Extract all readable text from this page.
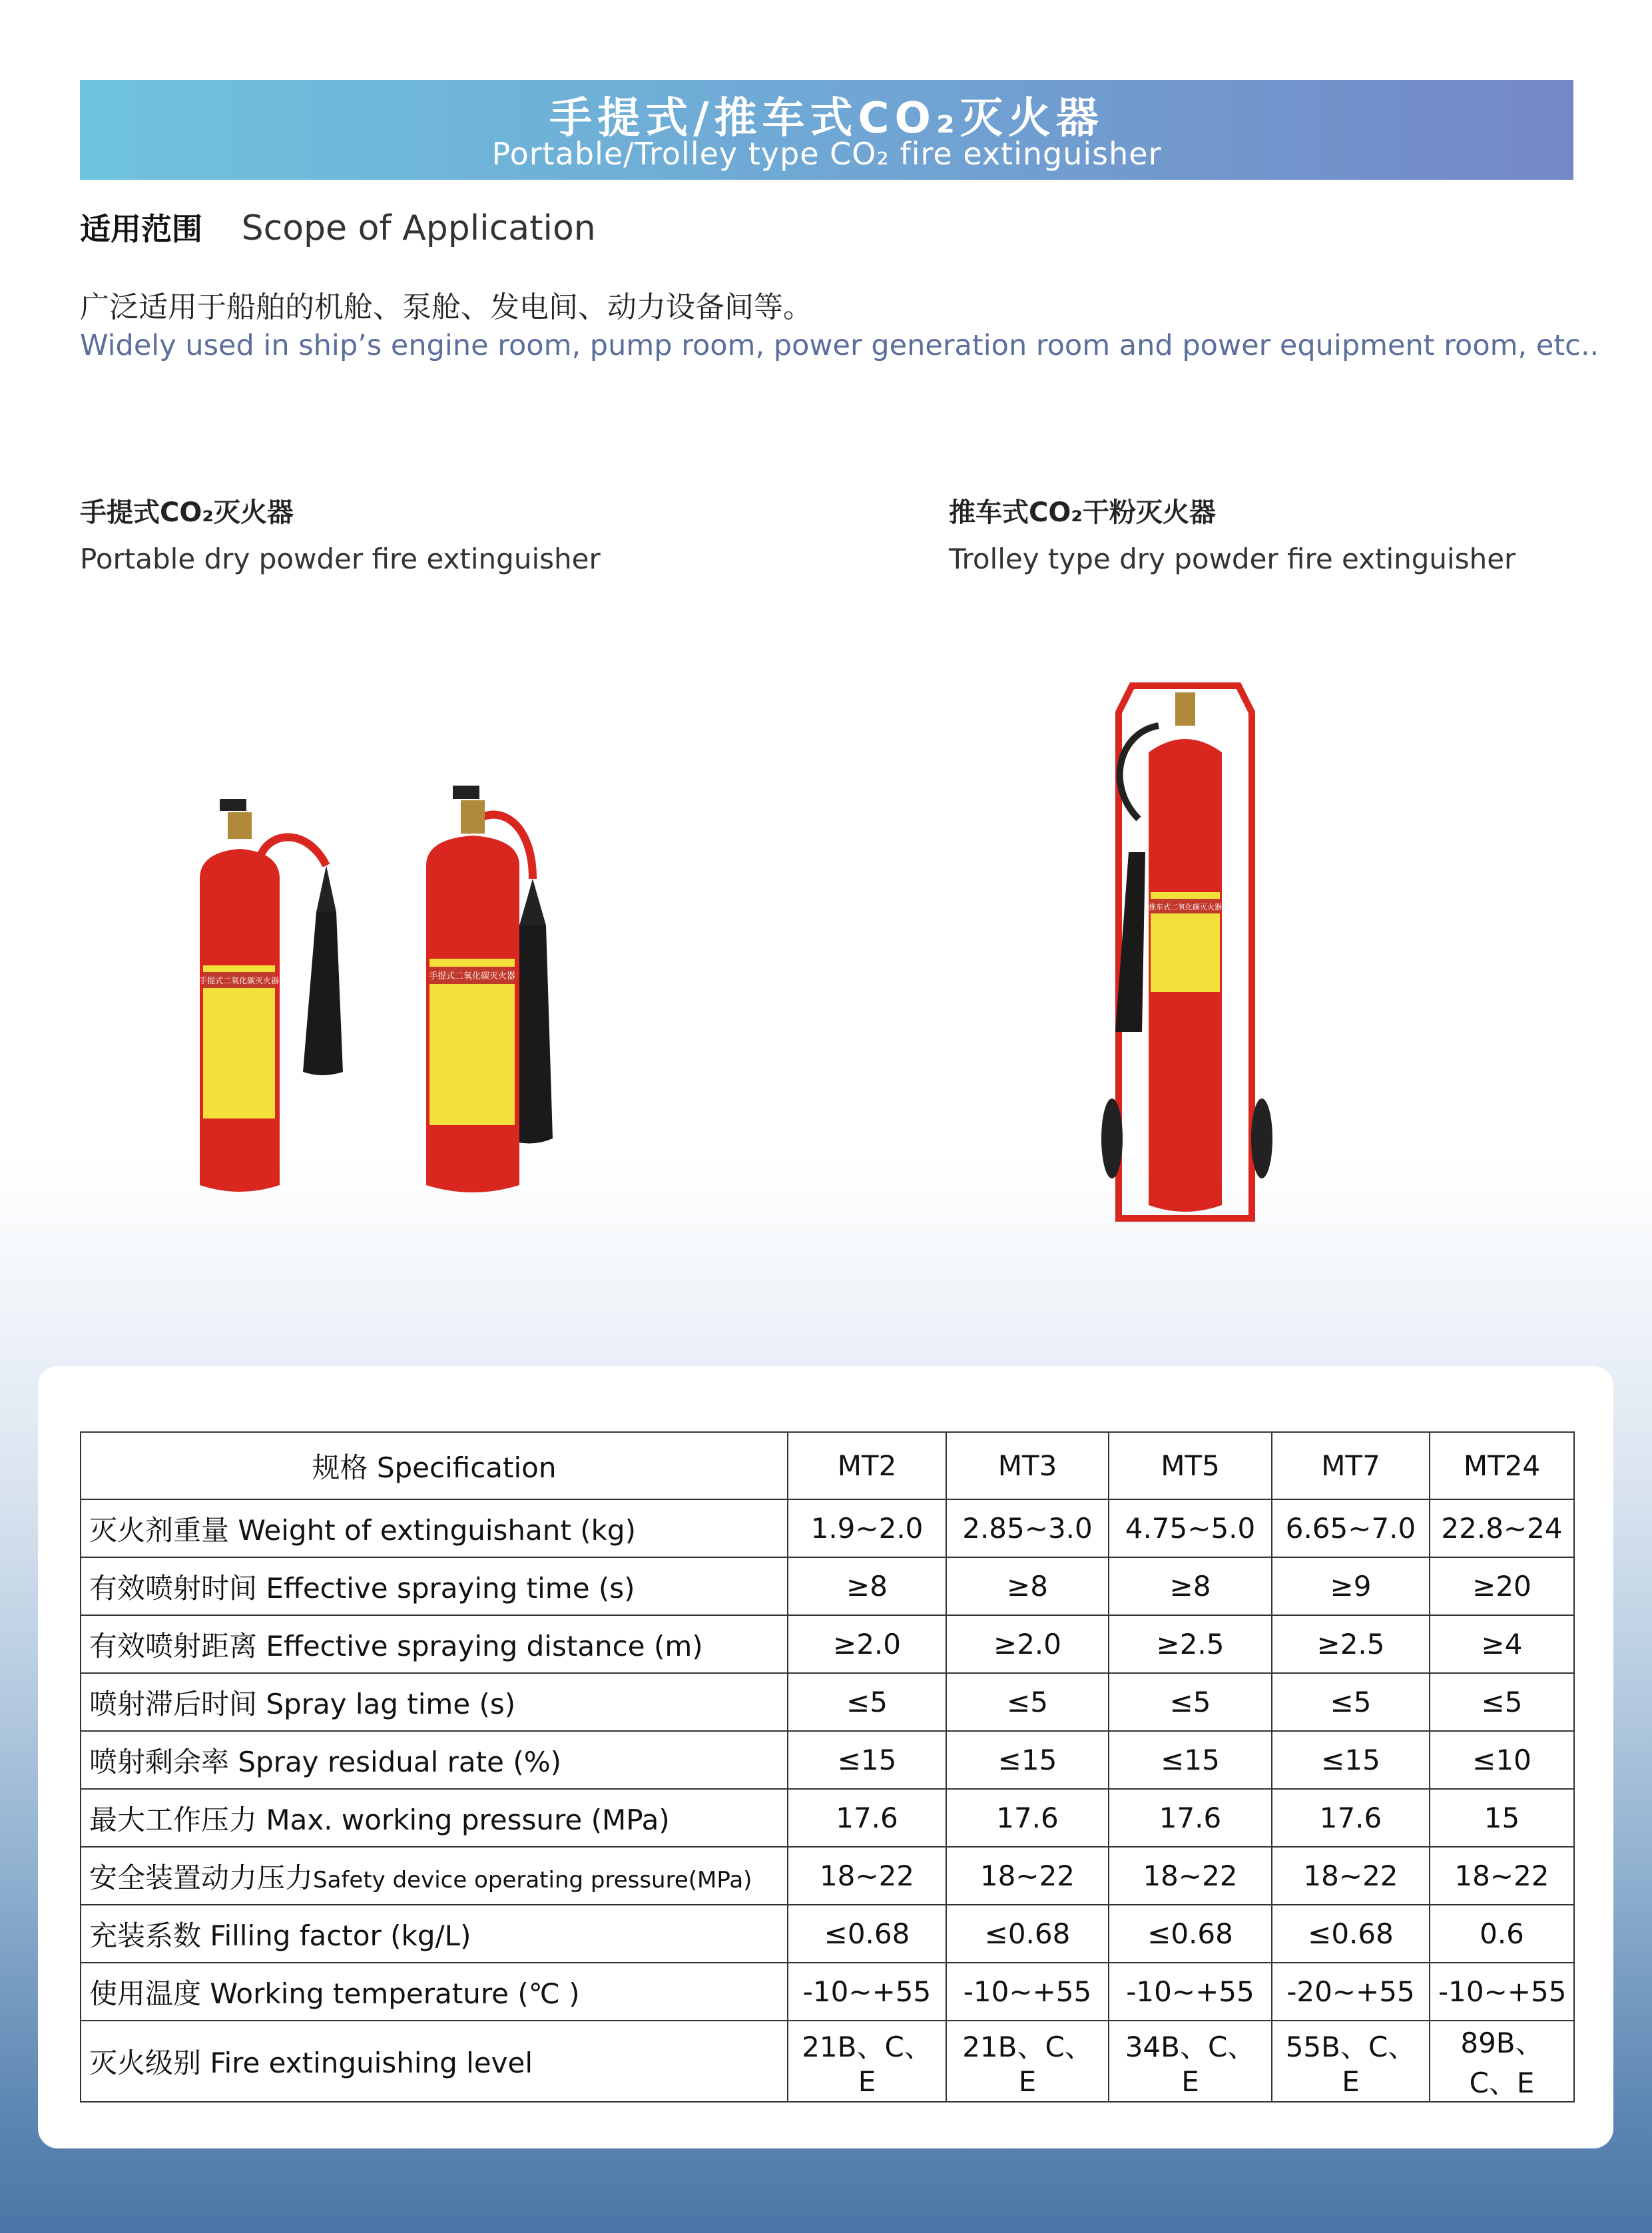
手提式/推车式CO₂灭火器
Portable/Trolley type CO₂ fire extinguisher
适用范围 Scope of Application
广泛适用于船舶的机舱、泵舱、发电间、动力设备间等。
Widely used in ship’s engine room, pump room, power generation room and power equipment room, etc..
手提式CO₂灭火器
Portable dry powder fire extinguisher
推车式CO₂干粉灭火器
Trolley type dry powder fire extinguisher
手提式二氧化碳灭火器	手提式二氧化碳灭火器
推车式二氧化碳灭火器
规格 Specification	MT2	MT3	MT5	MT7	MT24
灭火剂重量 Weight of extinguishant (kg)	1.9~2.0	2.85~3.0	4.75~5.0	6.65~7.0	22.8~24
有效喷射时间 Effective spraying time (s)	≥8	≥8	≥8	≥9	≥20
有效喷射距离 Effective spraying distance (m)	≥2.0	≥2.0	≥2.5	≥2.5	≥4
喷射滞后时间 Spray lag time (s)	≤5	≤5	≤5	≤5	≤5
喷射剩余率 Spray residual rate (%)	≤15	≤15	≤15	≤15	≤10
最大工作压力 Max. working pressure (MPa)	17.6	17.6	17.6	17.6	15
安全装置动力压力Safety device operating pressure(MPa)	18~22	18~22	18~22	18~22	18~22
充装系数 Filling factor (kg/L)	≤0.68	≤0.68	≤0.68	≤0.68	0.6
使用温度 Working temperature (℃ )	-10~+55	-10~+55	-10~+55	-20~+55	-10~+55
灭火级别 Fire extinguishing level	21B、C、E	21B、C、E	34B、C、E	55B、C、E	89B、C、E
